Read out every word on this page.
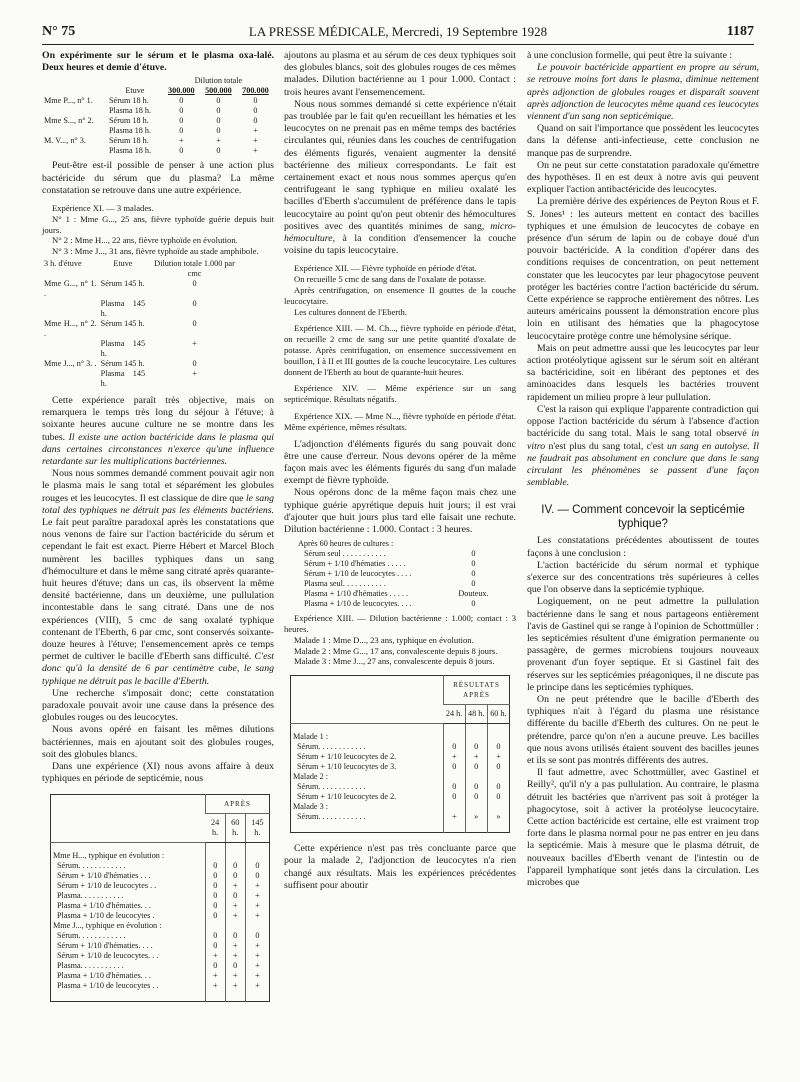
N° 75	LA PRESSE MÉDICALE, Mercredi, 19 Septembre 1928	1187

On expérimente sur le sérum et le plasma oxa-lalé. Deux heures et demie d'étuve.

		Dilution totale		
	Etuve	300.000	500.000	700.000
Mme P..., n° 1.	Sérum 18 h.	0	0	0
	Plasma 18 h.	0	0	0
Mme S..., n° 2.	Sérum 18 h.	0	0	0
	Plasma 18 h.	0	0	+
M. V..., n° 3.	Sérum 18 h.	+	+	+
	Plasma 18 h.	0	0	+

Peut-être est-il possible de penser à une action plus bactéricide du sérum que du plasma? La même constatation se retrouve dans une autre expérience.

Expérience XI. — 3 malades.

N° 1 : Mme G..., 25 ans, fièvre typhoïde guérie depuis huit jours.

N° 2 : Mme H..., 22 ans, fièvre typhoïde en évolution.

N° 3 : Mme J..., 31 ans, fièvre typhoïde au stade amphibole.

3 h. d'étuve	Etuve	Dilution totale 1.000 par cmc
Mme G..., n° 1. .	Sérum 145 h.	0
	Plasma 145 h.	0
Mme H..., n° 2. .	Sérum 145 h.	0
	Plasma 145 h.	+
Mme J..., n° 3. .	Sérum 145 h.	0
	Plasma 145 h.	+

Cette expérience paraît très objective, mais on remarquera le temps très long du séjour à l'étuve; à soixante heures aucune culture ne se montre dans les tubes. Il existe une action bactéricide dans le plasma qui dans certaines circonstances n'exerce qu'une influence retardante sur les multiplications bactériennes.

Nous nous sommes demandé comment pouvait agir non le plasma mais le sang total et séparément les globules rouges et les leucocytes. Il est classique de dire que le sang total des typhiques ne détruit pas les éléments bactériens. Le fait peut paraître paradoxal après les constatations que nous venons de faire sur l'action bactéricide du sérum et cependant le fait est exact. Pierre Hébert et Marcel Bloch numèrent les bacilles typhiques dans un sang d'hémoculture et dans le même sang citraté après quarante-huit heures d'étuve; dans un cas, ils observent la même densité bactérienne, dans un deuxième, une pullulation incontestable dans le sang citraté. Dans une de nos expériences (VIII), 5 cmc de sang oxalaté typhique contenant de l'Eberth, 6 par cmc, sont conservés soixante-douze heures à l'étuve; l'ensemencement après ce temps permet de cultiver le bacille d'Eberth sans difficulté. C'est donc qu'à la densité de 6 par centimètre cube, le sang typhique ne détruit pas le bacille d'Eberth.

Une recherche s'imposait donc; cette constatation paradoxale pouvait avoir une cause dans la présence des globules rouges ou des leucocytes.

Nous avons opéré en faisant les mêmes dilutions bactériennes, mais en ajoutant soit des globules rouges, soit des globules blancs.

Dans une expérience (XI) nous avons affaire à deux typhiques en période de septicémie, nous

	APRÈS		
	24 h.	60 h.	145 h.
Mme H..., typhique en évolution :			
Sérum. . . . . . . . . . . .	0	0	0
Sérum + 1/10 d'hématies . . .	0	0	0
Sérum + 1/10 de leucocytes . .	0	+	+
Plasma. . . . . . . . . . .	0	0	+
Plasma + 1/10 d'hématies. . .	0	+	+
Plasma + 1/10 de leucocytes .	0	+	+
Mme J..., typhique en évolution :			
Sérum. . . . . . . . . . . .	0	0	0
Sérum + 1/10 d'hématies. . . .	0	+	+
Sérum + 1/10 de leucocytes. . .	+	+	+
Plasma. . . . . . . . . . .	0	0	+
Plasma + 1/10 d'hématies. . .	+	+	+
Plasma + 1/10 de leucocytes . .	+	+	+

ajoutons au plasma et au sérum de ces deux typhiques soit des globules blancs, soit des globules rouges de ces mêmes malades. Dilution bactérienne au 1 pour 1.000. Contact : trois heures avant l'ensemencement.

Nous nous sommes demandé si cette expérience n'était pas troublée par le fait qu'en recueillant les hématies et les leucocytes on ne prenait pas en même temps des bactéries circulantes qui, réunies dans les couches de centrifugation des éléments figurés, venaient augmenter la densité bactérienne des milieux correspondants. Le fait est certainement exact et nous nous sommes aperçus qu'en centrifugeant le sang typhique en milieu oxalaté les bacilles d'Eberth s'accumulent de préférence dans le tapis leucocytaire au point qu'on peut obtenir des hémocultures positives avec des quantités minimes de sang, micro-hémoculture, à la condition d'ensemencer la couche voisine du tapis leucocytaire.

Expérience XII. — Fièvre typhoïde en période d'état.

On recueille 5 cmc de sang dans de l'oxalate de potasse.

Après centrifugation, on ensemence II gouttes de la couche leucocytaire.

Les cultures donnent de l'Eberth.

Expérience XIII. — M. Ch..., fièvre typhoïde en période d'état, on recueille 2 cmc de sang sur une petite quantité d'oxalate de potasse. Après centrifugation, on ensemence successivement en bouillon, I à II et III gouttes de la couche leucocytaire. Les cultures donnent de l'Eberth au bout de quarante-huit heures.

Expérience XIV. — Même expérience sur un sang septicémique. Résultats négatifs.

Expérience XIX. — Mme N..., fièvre typhoïde en période d'état. Même expérience, mêmes résultats.

L'adjonction d'éléments figurés du sang pouvait donc être une cause d'erreur. Nous devons opérer de la même façon mais avec les éléments figurés du sang d'un malade exempt de fièvre typhoïde.

Nous opérons donc de la même façon mais chez une typhique guérie apyrétique depuis huit jours; il est vrai d'ajouter que huit jours plus tard elle faisait une rechute. Dilution bactérienne : 1.000. Contact : 3 heures.

Après 60 heures de cultures :	
Sérum seul . . . . . . . . . . .	0
Sérum + 1/10 d'hématies . . . . .	0
Sérum + 1/10 de leucocytes . . . .	0
Plasma seul. . . . . . . . . . .	0
Plasma + 1/10 d'hématies . . . . .	Douteux.
Plasma + 1/10 de leucocytes. . . .	0

Expérience XIII. — Dilution bactérienne : 1.000; contact : 3 heures.

Malade 1 : Mme D..., 23 ans, typhique en évolution.

Malade 2 : Mme G..., 17 ans, convalescente depuis 8 jours.

Malade 3 : Mme J..., 27 ans, convalescente depuis 8 jours.

	RÉSULTATS APRÈS		
	24 h.	48 h.	60 h.
Malade 1 :			
Sérum. . . . . . . . . . . .	0	0	0
Sérum + 1/10 leucocytes de 2.	+	+	+
Sérum + 1/10 leucocytes de 3.	0	0	0
Malade 2 :			
Sérum. . . . . . . . . . . .	0	0	0
Sérum + 1/10 leucocytes de 2.	0	0	0
Malade 3 :			
Sérum. . . . . . . . . . . .	+	»	»

Cette expérience n'est pas très concluante parce que pour la malade 2, l'adjonction de leucocytes n'a rien changé aux résultats. Mais les expériences précédentes suffisent pour aboutir

à une conclusion formelle, qui peut être la suivante :

Le pouvoir bactéricide appartient en propre au sérum, se retrouve moins fort dans le plasma, diminue nettement après adjonction de globules rouges et disparaît souvent après adjonction de leucocytes même quand ces leucocytes viennent d'un sang non septicémique.

Quand on sait l'importance que possèdent les leucocytes dans la défense anti-infectieuse, cette conclusion ne manque pas de surprendre.

On ne peut sur cette constatation paradoxale qu'émettre des hypothèses. Il en est deux à notre avis qui peuvent expliquer l'action antibactéricide des leucocytes.

La première dérive des expériences de Peyton Rous et F. S. Jones¹ : les auteurs mettent en contact des bacilles typhiques et une émulsion de leucocytes de cobaye en présence d'un sérum de lapin ou de cobaye doué d'un pouvoir bactéricide. A la condition d'opérer dans des conditions requises de concentration, on peut nettement constater que les leucocytes par leur phagocytose peuvent protéger les bactéries contre l'action bactéricide du sérum. Cette expérience se rapproche entièrement des nôtres. Les auteurs américains poussent la démonstration encore plus loin en utilisant des hématies que la phagocytose leucocytaire protège contre une hémolysine sérique.

Mais on peut admettre aussi que les leucocytes par leur action protéolytique agissent sur le sérum soit en altérant sa bactéricidine, soit en libérant des peptones et des aminoacides dans lesquels les bactéries trouvent rapidement un milieu propre à leur pullulation.

C'est la raison qui explique l'apparente contradiction qui oppose l'action bactéricide du sérum à l'absence d'action bactéricide du sang total. Mais le sang total observé in vitro n'est plus du sang total, c'est un sang en autolyse. Il ne faudrait pas absolument en conclure que dans le sang circulant les phénomènes se passent d'une façon semblable.

IV. — Comment concevoir la septicémie
typhique?

Les constatations précédentes aboutissent de toutes façons à une conclusion :

L'action bactéricide du sérum normal et typhique s'exerce sur des concentrations très supérieures à celles que l'on observe dans la septicémie typhique.

Logiquement, on ne peut admettre la pullulation bactérienne dans le sang et nous partageons entièrement l'avis de Gastinel qui se range à l'opinion de Schottmüller : les septicémies résultent d'une émigration permanente ou passagère, de germes microbiens toujours nouveaux provenant d'un foyer septique. Et si Gastinel fait des réserves sur les septicémies préagoniques, il ne discute pas le principe dans les septicémies typhiques.

On ne peut prétendre que le bacille d'Eberth des typhiques n'ait à l'égard du plasma une résistance différente du bacille d'Eberth des cultures. On ne peut le prétendre, parce qu'on n'en a aucune preuve. Les bacilles que nous avons utilisés étaient souvent des bacilles jeunes et ils se sont pas montrés différents des autres.

Il faut admettre, avec Schottmüller, avec Gastinel et Reilly², qu'il n'y a pas pullulation. Au contraire, le plasma détruit les bactéries que n'arrivent pas soit à protéger la phagocytose, soit à activer la protéolyse leucocytaire. Cette action bactéricide est certaine, elle est vraiment trop forte dans le plasma normal pour ne pas entrer en jeu dans la septicémie. Mais à mesure que le plasma détruit, de nouveaux bacilles d'Eberth venant de l'intestin ou de l'appareil lymphatique sont jetés dans la circulation. Les microbes que
